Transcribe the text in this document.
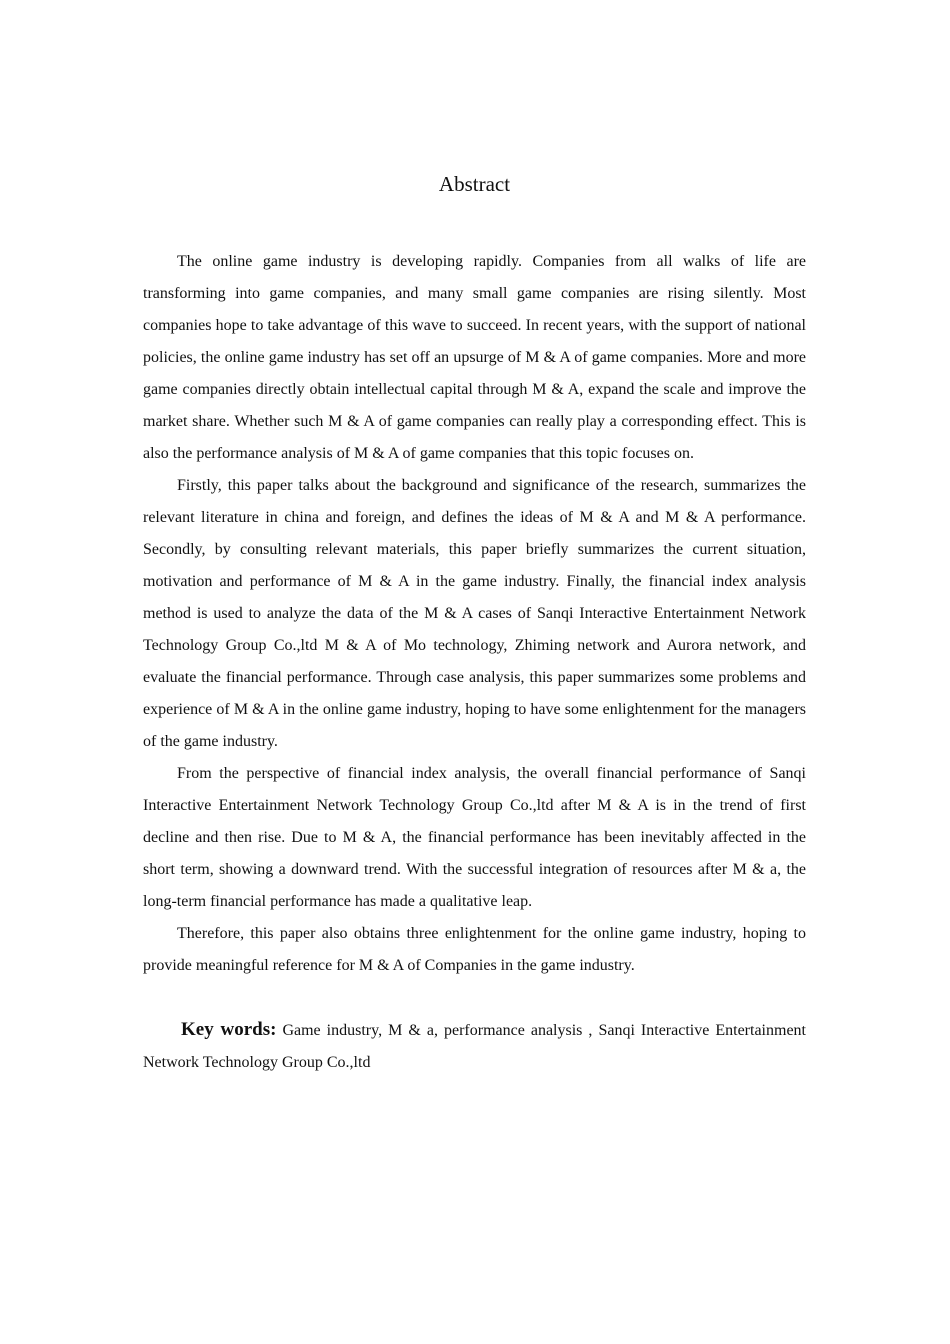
Abstract

The online game industry is developing rapidly. Companies from all walks of life are transforming into game companies, and many small game companies are rising silently. Most companies hope to take advantage of this wave to succeed. In recent years, with the support of national policies, the online game industry has set off an upsurge of M & A of game companies. More and more game companies directly obtain intellectual capital through M & A, expand the scale and improve the market share. Whether such M & A of game companies can really play a corresponding effect. This is also the performance analysis of M & A of game companies that this topic focuses on.

Firstly, this paper talks about the background and significance of the research, summarizes the relevant literature in china and foreign, and defines the ideas of M & A and M & A performance. Secondly, by consulting relevant materials, this paper briefly summarizes the current situation, motivation and performance of M & A in the game industry. Finally, the financial index analysis method is used to analyze the data of the M & A cases of Sanqi Interactive Entertainment Network Technology Group Co.,ltd M & A of Mo technology, Zhiming network and Aurora network, and evaluate the financial performance. Through case analysis, this paper summarizes some problems and experience of M & A in the online game industry, hoping to have some enlightenment for the managers of the game industry.

From the perspective of financial index analysis, the overall financial performance of Sanqi Interactive Entertainment Network Technology Group Co.,ltd after M & A is in the trend of first decline and then rise. Due to M & A, the financial performance has been inevitably affected in the short term, showing a downward trend. With the successful integration of resources after M & a, the long-term financial performance has made a qualitative leap.

Therefore, this paper also obtains three enlightenment for the online game industry, hoping to provide meaningful reference for M & A of Companies in the game industry.

Key words: Game industry, M & a, performance analysis , Sanqi Interactive Entertainment Network Technology Group Co.,ltd
